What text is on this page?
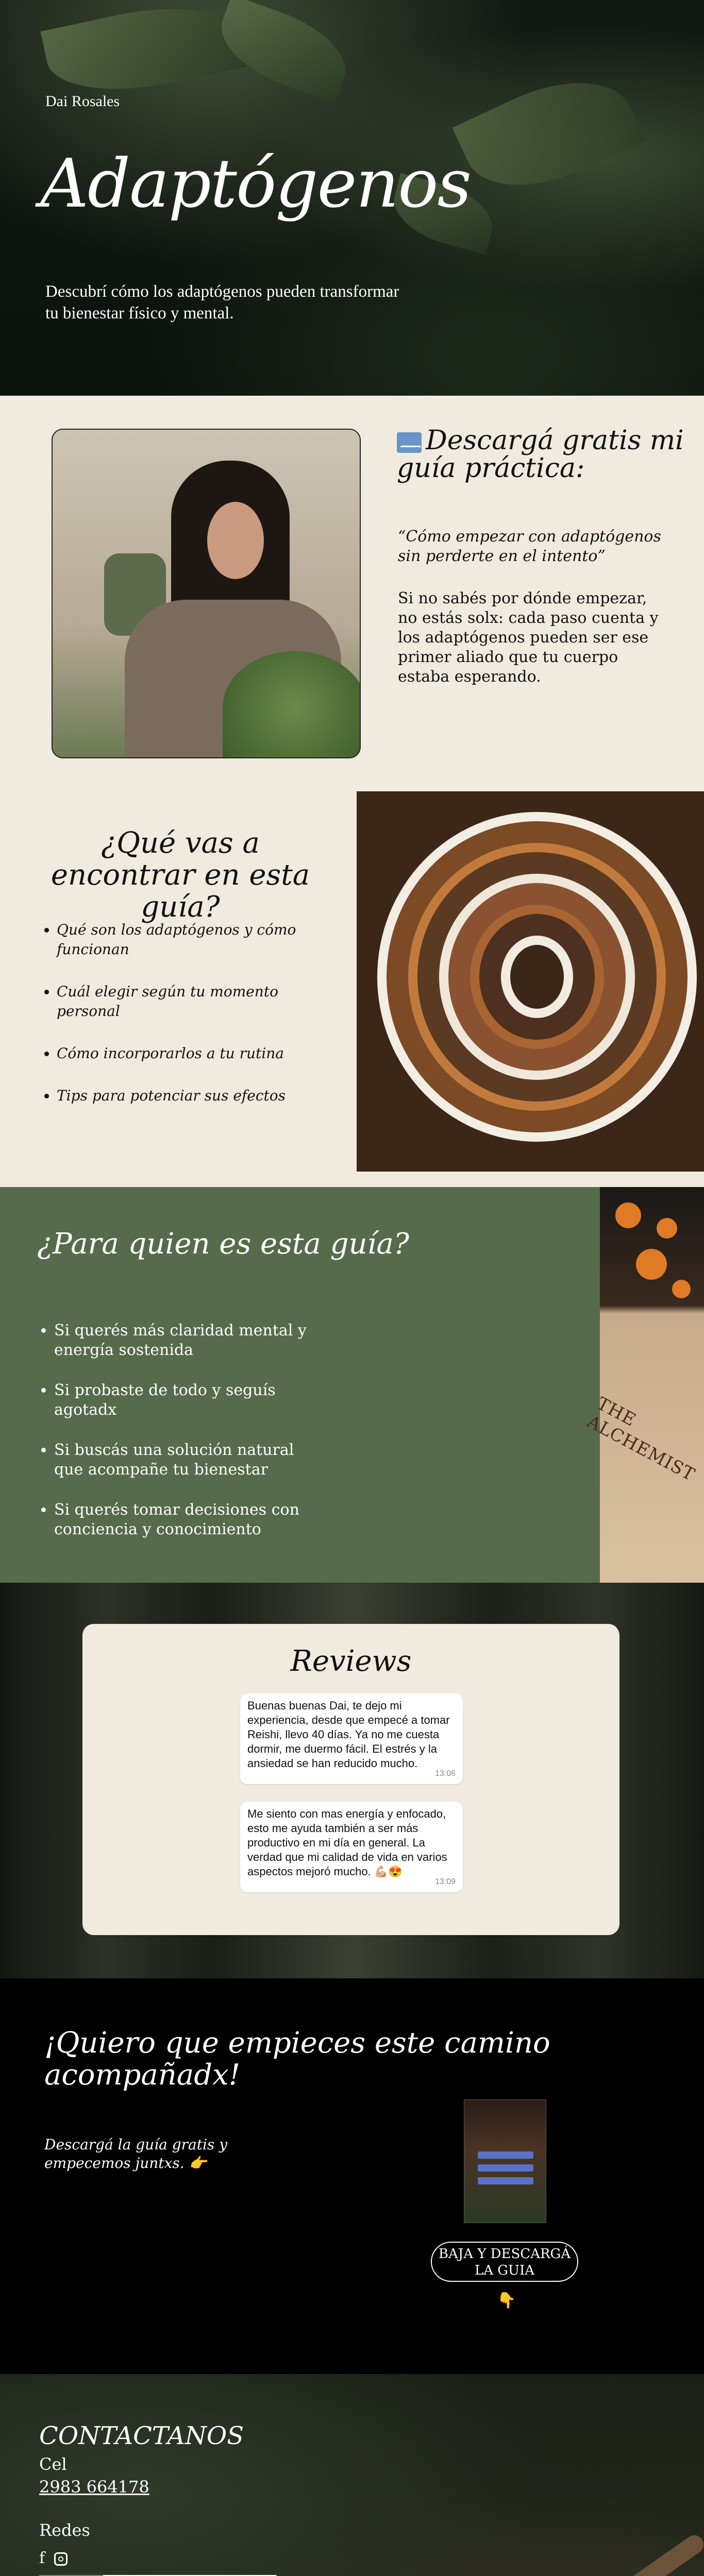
Dai Rosales
Adaptógenos

Descubrí cómo los adaptógenos pueden transformar tu bienestar físico y mental.

Descargá gratis mi guía práctica:

“Cómo empezar con adaptógenos sin perderte en el intento”

Si no sabés por dónde empezar, no estás solx: cada paso cuenta y los adaptógenos pueden ser ese primer aliado que tu cuerpo estaba esperando.

¿Qué vas a encontrar en esta guía?
• Qué son los adaptógenos y cómo funcionan
• Cuál elegir según tu momento personal
• Cómo incorporarlos a tu rutina
• Tips para potenciar sus efectos
¿Para quien es esta guía?
• Si querés más claridad mental y energía sostenida
• Si probaste de todo y seguís agotadx
• Si buscás una solución natural que acompañe tu bienestar
• Si querés tomar decisiones con conciencia y conocimiento
THE ALCHEMIST
Reviews
Buenas buenas Dai, te dejo mi experiencia, desde que empecé a tomar Reishi, llevo 40 días. Ya no me cuesta dormir, me duermo fácil. El estrés y la ansiedad se han reducido mucho.
13:06
Me siento con mas energía y enfocado, esto me ayuda también a ser más productivo en mi día en general. La verdad que mi calidad de vida en varios aspectos mejoró mucho. 💪🏼😍
13:09
¡Quiero que empieces este camino acompañadx!

Descargá la guía gratis y empecemos juntxs. 👉

BAJA Y DESCARGÁ LA GUIA
👇
CONTACTANOS
Cel
2983 664178
Redes
f
